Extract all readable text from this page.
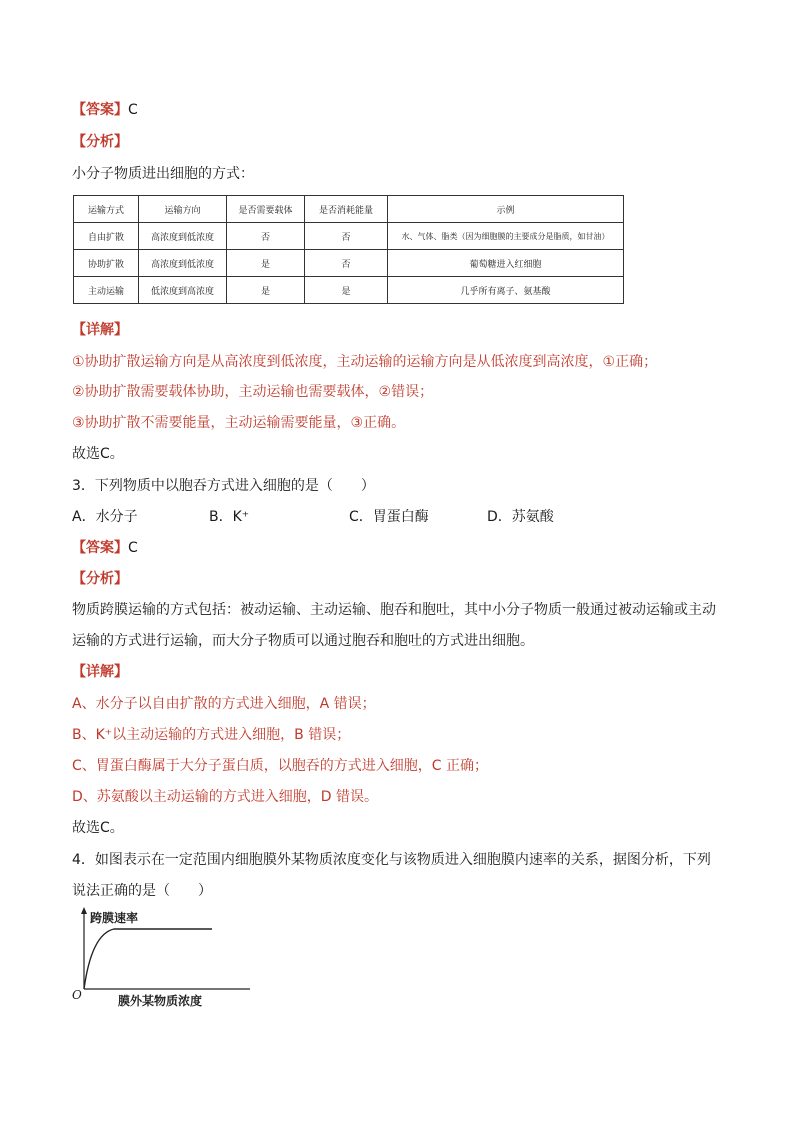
【答案】C
【分析】
小分子物质进出细胞的方式：
运输方式	运输方向	是否需要载体	是否消耗能量	示例
自由扩散	高浓度到低浓度	否	否	水、气体、脂类（因为细胞膜的主要成分是脂质，如甘油）
协助扩散	高浓度到低浓度	是	否	葡萄糖进入红细胞
主动运输	低浓度到高浓度	是	是	几乎所有离子、氨基酸
【详解】
①协助扩散运输方向是从高浓度到低浓度，主动运输的运输方向是从低浓度到高浓度，①正确；
②协助扩散需要载体协助，主动运输也需要载体，②错误；
③协助扩散不需要能量，主动运输需要能量，③正确。
故选C。
3．下列物质中以胞吞方式进入细胞的是（　　）
A．水分子	B．K⁺	C．胃蛋白酶	D．苏氨酸
【答案】C
【分析】
物质跨膜运输的方式包括：被动运输、主动运输、胞吞和胞吐，其中小分子物质一般通过被动运输或主动
运输的方式进行运输，而大分子物质可以通过胞吞和胞吐的方式进出细胞。
【详解】
A、水分子以自由扩散的方式进入细胞，A 错误；
B、K⁺以主动运输的方式进入细胞，B 错误；
C、胃蛋白酶属于大分子蛋白质，以胞吞的方式进入细胞，C 正确；
D、苏氨酸以主动运输的方式进入细胞，D 错误。
故选C。
4．如图表示在一定范围内细胞膜外某物质浓度变化与该物质进入细胞膜内速率的关系，据图分析，下列
说法正确的是（　　）
跨膜速率
O	膜外某物质浓度
